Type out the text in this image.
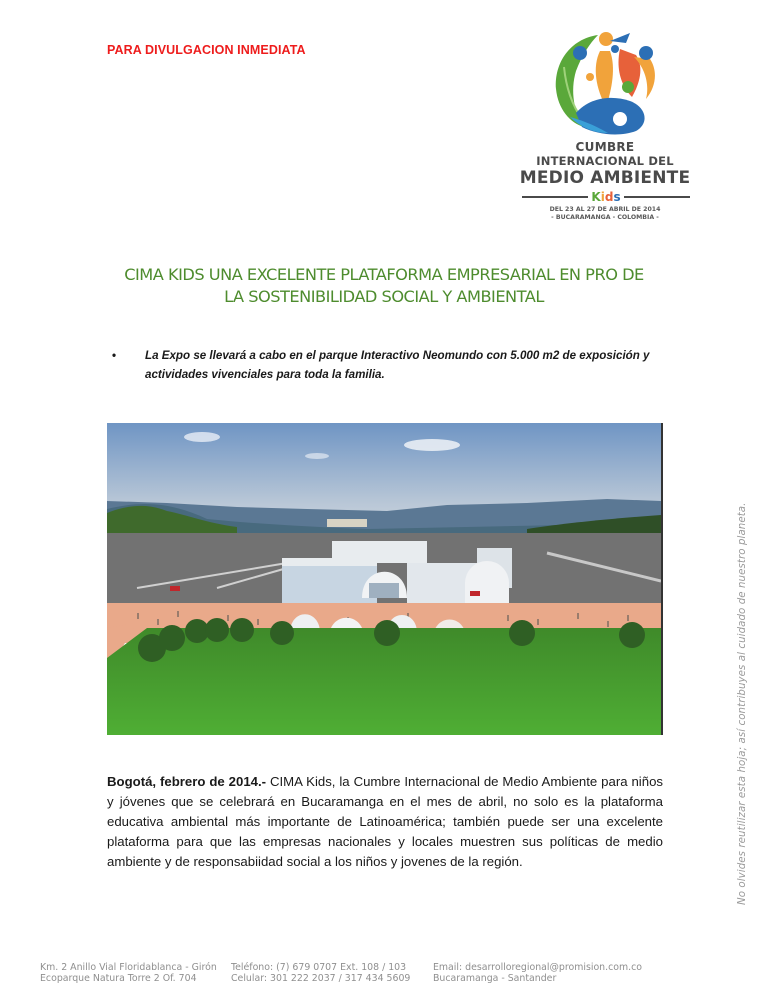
PARA DIVULGACION INMEDIATA
CUMBRE
INTERNACIONAL DEL
MEDIO AMBIENTE
Kids
DEL 23 AL 27 DE ABRIL DE 2014
- BUCARAMANGA - COLOMBIA -
CIMA KIDS UNA EXCELENTE PLATAFORMA EMPRESARIAL EN PRO DE
LA SOSTENIBILIDAD SOCIAL Y AMBIENTAL
• La Expo se llevará a cabo en el parque Interactivo Neomundo con 5.000 m2 de exposición y actividades vivenciales para toda la familia.
Bogotá, febrero de 2014.- CIMA Kids, la Cumbre Internacional de Medio Ambiente para niños y jóvenes que se celebrará en Bucaramanga en el mes de abril, no solo es la plataforma educativa ambiental más importante de Latinoamérica; también puede ser una excelente plataforma para que las empresas nacionales y locales muestren sus políticas de medio ambiente y de responsabiidad social a los niños y jovenes de la región.	No olvides reutilizar esta hoja; así contribuyes al cuidado de nuestro planeta.
Km. 2 Anillo Vial Floridablanca - Girón
Ecoparque Natura Torre 2 Of. 704
Teléfono: (7) 679 0707 Ext. 108 / 103
Celular: 301 222 2037 / 317 434 5609
Email: desarrolloregional@promision.com.co
Bucaramanga - Santander
